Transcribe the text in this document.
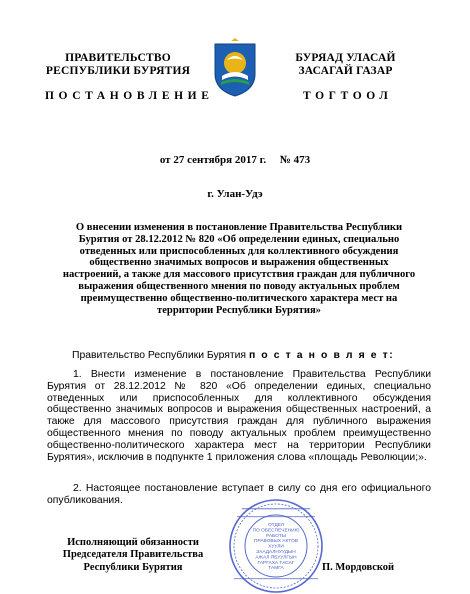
ПРАВИТЕЛЬСТВО
РЕСПУБЛИКИ БУРЯТИЯ
БУРЯАД УЛАСАЙ
ЗАСАГАЙ ГАЗАР
ПОСТАНОВЛЕНИЕ	ТОГТООЛ
от 27 сентября 2017 г.     № 473
г. Улан-Удэ
О внесении изменения в постановление Правительства Республики Бурятия от 28.12.2012 № 820 «Об определении единых, специально отведенных или приспособленных для коллективного обсуждения общественно значимых вопросов и выражения общественных настроений, а также для массового присутствия граждан для публичного выражения общественного мнения по поводу актуальных проблем преимущественно общественно-политического характера мест на территории Республики Бурятия»
Правительство Республики Бурятия п о с т а н о в л я е т:
1. Внести изменение в постановление Правительства Республики Бурятия от 28.12.2012 № 820 «Об определении единых, специально отведенных или приспособленных для коллективного обсуждения общественно значимых вопросов и выражения общественных настроений, а также для массового присутствия граждан для публичного выражения общественного мнения по поводу актуальных проблем преимущественно общественно-политического характера мест на территории Республики Бурятия», исключив в подпункте 1 приложения слова «площадь Революции;».
2. Настоящее постановление вступает в силу со дня его официального опубликования.
Исполняющий обязанности
Председателя Правительства
Республики Бурятия
ОТДЕЛ
ПО ОБЕСПЕЧЕНИЮ
РАБОТЫ
ПРАВОВЫХ АКТОВ
ХУУЛИ
ЗААДАЛНУУДЫН
АЖАЛ ЯБУУЛГЫН
ГАРГАХА ТАСАГ
ТАМГА	П. Мордовской
